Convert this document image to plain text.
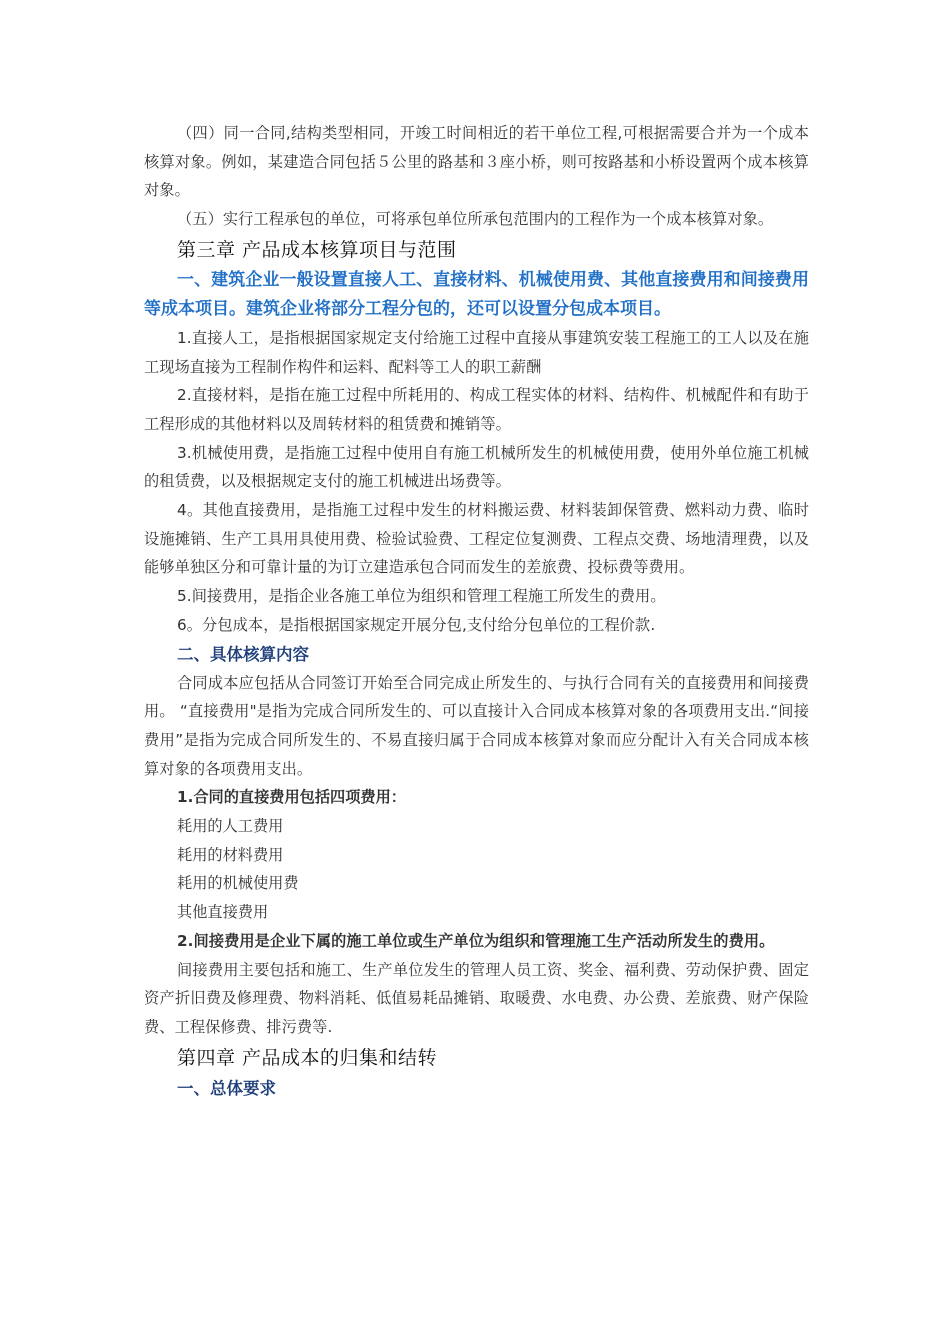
（四）同一合同,结构类型相同，开竣工时间相近的若干单位工程,可根据需要合并为一个成本核算对象。例如，某建造合同包括５公里的路基和３座小桥，则可按路基和小桥设置两个成本核算对象。

（五）实行工程承包的单位，可将承包单位所承包范围内的工程作为一个成本核算对象。

第三章 产品成本核算项目与范围

一、建筑企业一般设置直接人工、直接材料、机械使用费、其他直接费用和间接费用等成本项目。建筑企业将部分工程分包的，还可以设置分包成本项目。

1.直接人工，是指根据国家规定支付给施工过程中直接从事建筑安装工程施工的工人以及在施工现场直接为工程制作构件和运料、配料等工人的职工薪酬

2.直接材料，是指在施工过程中所耗用的、构成工程实体的材料、结构件、机械配件和有助于工程形成的其他材料以及周转材料的租赁费和摊销等。

3.机械使用费，是指施工过程中使用自有施工机械所发生的机械使用费，使用外单位施工机械的租赁费，以及根据规定支付的施工机械进出场费等。

4。其他直接费用，是指施工过程中发生的材料搬运费、材料装卸保管费、燃料动力费、临时设施摊销、生产工具用具使用费、检验试验费、工程定位复测费、工程点交费、场地清理费，以及能够单独区分和可靠计量的为订立建造承包合同而发生的差旅费、投标费等费用。

5.间接费用，是指企业各施工单位为组织和管理工程施工所发生的费用。

6。分包成本，是指根据国家规定开展分包,支付给分包单位的工程价款.

二、具体核算内容

合同成本应包括从合同签订开始至合同完成止所发生的、与执行合同有关的直接费用和间接费用。 “直接费用"是指为完成合同所发生的、可以直接计入合同成本核算对象的各项费用支出.“间接费用”是指为完成合同所发生的、不易直接归属于合同成本核算对象而应分配计入有关合同成本核算对象的各项费用支出。

1.合同的直接费用包括四项费用：

耗用的人工费用

耗用的材料费用

耗用的机械使用费

其他直接费用

2.间接费用是企业下属的施工单位或生产单位为组织和管理施工生产活动所发生的费用。

间接费用主要包括和施工、生产单位发生的管理人员工资、奖金、福利费、劳动保护费、固定资产折旧费及修理费、物料消耗、低值易耗品摊销、取暖费、水电费、办公费、差旅费、财产保险费、工程保修费、排污费等.

第四章 产品成本的归集和结转

一、总体要求
